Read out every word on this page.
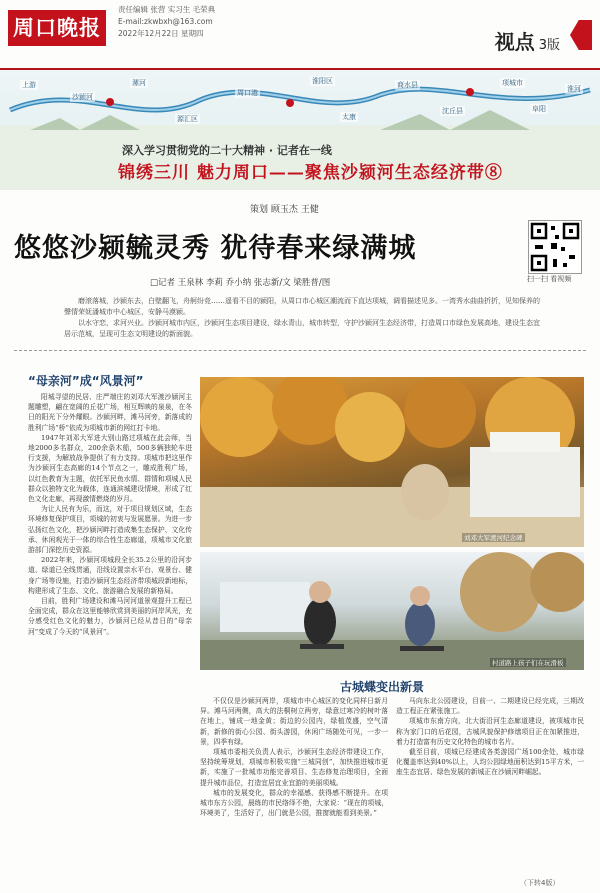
周口晚报
责任编辑 张营 实习生 毛荣典
E-mail:zkwbxh@163.com
2022年12月22日 星期四	视点 3版
上游
沙颍河
漯河
源汇区
周口港
淮阳区
太康
商水县
沈丘县
项城市
阜阳
淮河
深入学习贯彻党的二十大精神 · 记者在一线
锦绣三川 魅力周口——聚焦沙颍河生态经济带⑧
策划 顾玉杰 王健
悠悠沙颍毓灵秀 犹待春来绿满城
扫一扫 看视频
□记者 王泉林 李莉 乔小纳 张志新/文 梁胜普/图

磨滚落城，沙颍东去，白壁翻飞，舟舸纷竞……遥看不目的颍阳，从周口市心城区潮流而下直达项城，调看描述见多。一湾秀水曲曲折折，见知保养的聲情荣妩潘城市中心城区，安静马漠颍。

以水守恋，求河兴业。沙颍河城市内区，沙颍河生态项目建设，绿水青山，城市转型，守护沙颍河生态经济带，打造周口市绿色发展高地，建设生态宜居示范城，呈现可生态文明建设的新面貌。

“母亲河”成“风景河”

阳城寻望的民居、庄严端庄的刘邓大军渡沙颍河主题雕塑，翩在宽阔的丘花广场，相互辉映的泉泉，在冬日的阳光下分外耀眼。沙颍河畔，滩马河旁，新落成的胜利广场“桥”依成为项城市新的网红打卡地。

1947年刘邓大军进大别山路过项城在此会师，当地2000多名群众，200余条木船，500多辆独轮车进行支援，为解放战争提供了有力支持。项城市把这里作为沙颍河生态高廊的14个节点之一，雕成胜利广场，以红色教育为主题，依托军民鱼水情、群情和项城人民群众以独特文化为载体，连通滨城建设情境，形成了红色文化走廊，再现激情燃烧的岁月。

为让人民有为乐，而这，对于项目规划区域，生态环境修复保护项目，项城的初衷与发展愿景。为进一步弘扬红色文化，把沙颍河畔打造成集生态保护、文化传承、休闲观光于一体的综合性生态廊道，项城市文化旅游部门深挖历史资源。

2022年来，沙颍河项城段全长35.2公里的沿河步道、绿道已全线贯通，沿线设置亲水平台、观景台、健身广场等设施，打造沙颍河生态经济带项城段新地标，构建形成了生态、文化、旅游融合发展的新格局。

目前，胜利广场建设和滩马河河道景观提升工程已全面完成，群众在这里能够欣赏到美丽的河岸风光，充分感受红色文化的魅力，沙颍河已经从昔日的“母亲河”变成了今天的“风景河”。

刘邓大军渡河纪念碑
村道路上孩子们在玩滑板
古城蝶变出新景

不仅仅是沙颍河两岸，项城市中心城区的变化同样日新月异。滩马河两侧，高大的法桐树立两旁，绿意过寒冷的树叶落在地上，铺成一地金黄；街边的公园内，绿植茂盛，空气清新，新修的街心公园、街头游园，休闲广场随处可见，一步一景，四季有绿。

项城市委相关负责人表示，沙颍河生态经济带建设工作，坚持统筹规划，项城市积极实施“三城同创”，加快推进城市更新，实施了一批城市功能完善项目、生态修复治理项目，全面提升城市品位，打造宜居宜业宜游的美丽项城。

城市的发展变化，群众的幸福感、获得感不断提升。在项城市东方公园，晨练的市民络绎不绝，大家说：“现在的项城，环境美了，生活好了，出门就是公园，推窗就能看到美景。”

马向东北公园建设，目前一、二期建设已经完成，三期改造工程正在紧张施工。

项城市东南方向，北大街沿河生态廊道建设，被项城市民称为家门口的后花园，古城风貌保护修缮项目正在加紧推进，着力打造富有历史文化特色的城市名片。

截至目前，项城已经建成各类游园广场100余处，城市绿化覆盖率达到40%以上，人均公园绿地面积达到15平方米，一座生态宜居、绿色发展的新城正在沙颍河畔崛起。

（下转4版）
